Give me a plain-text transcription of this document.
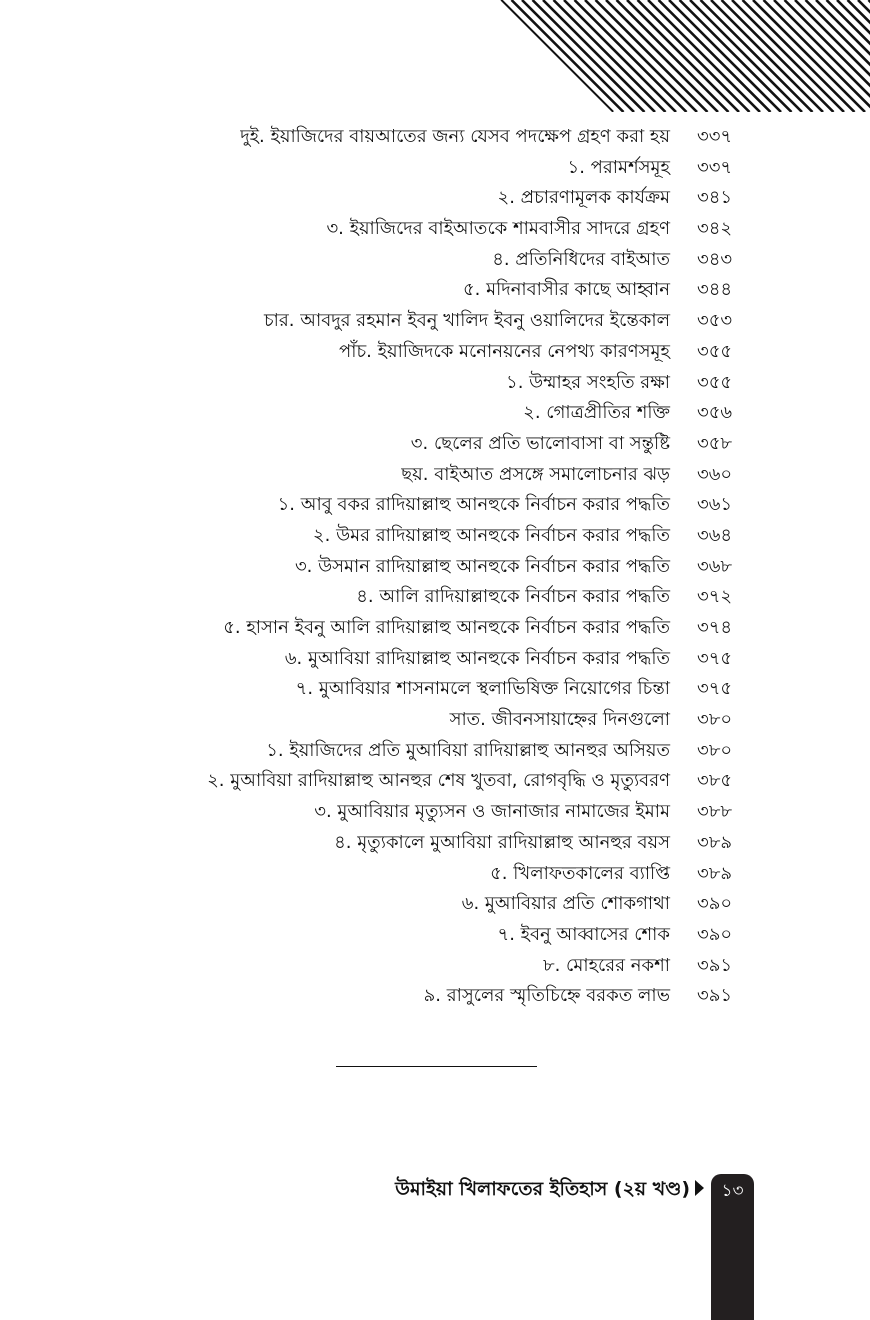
দুই. ইয়াজিদের বায়আতের জন্য যেসব পদক্ষেপ গ্রহণ করা হয় ৩৩৭
১. পরামর্শসমূহ ৩৩৭
২. প্রচারণামূলক কার্যক্রম ৩৪১
৩. ইয়াজিদের বাইআতকে শামবাসীর সাদরে গ্রহণ ৩৪২
৪. প্রতিনিধিদের বাইআত ৩৪৩
৫. মদিনাবাসীর কাছে আহ্বান ৩৪৪
চার. আবদুর রহমান ইবনু খালিদ ইবনু ওয়ালিদের ইন্তেকাল ৩৫৩
পাঁচ. ইয়াজিদকে মনোনয়নের নেপথ্য কারণসমূহ ৩৫৫
১. উম্মাহর সংহতি রক্ষা ৩৫৫
২. গোত্রপ্রীতির শক্তি ৩৫৬
৩. ছেলের প্রতি ভালোবাসা বা সন্তুষ্টি ৩৫৮
ছয়. বাইআত প্রসঙ্গে সমালোচনার ঝড় ৩৬০
১. আবু বকর রাদিয়াল্লাহু আনহুকে নির্বাচন করার পদ্ধতি ৩৬১
২. উমর রাদিয়াল্লাহু আনহুকে নির্বাচন করার পদ্ধতি ৩৬৪
৩. উসমান রাদিয়াল্লাহু আনহুকে নির্বাচন করার পদ্ধতি ৩৬৮
৪. আলি রাদিয়াল্লাহুকে নির্বাচন করার পদ্ধতি ৩৭২
৫. হাসান ইবনু আলি রাদিয়াল্লাহু আনহুকে নির্বাচন করার পদ্ধতি ৩৭৪
৬. মুআবিয়া রাদিয়াল্লাহু আনহুকে নির্বাচন করার পদ্ধতি ৩৭৫
৭. মুআবিয়ার শাসনামলে স্থলাভিষিক্ত নিয়োগের চিন্তা ৩৭৫
সাত. জীবনসায়াহ্নের দিনগুলো ৩৮০
১. ইয়াজিদের প্রতি মুআবিয়া রাদিয়াল্লাহু আনহুর অসিয়ত ৩৮০
২. মুআবিয়া রাদিয়াল্লাহু আনহুর শেষ খুতবা, রোগবৃদ্ধি ও মৃত্যুবরণ ৩৮৫
৩. মুআবিয়ার মৃত্যুসন ও জানাজার নামাজের ইমাম ৩৮৮
৪. মৃত্যুকালে মুআবিয়া রাদিয়াল্লাহু আনহুর বয়স ৩৮৯
৫. খিলাফতকালের ব্যাপ্তি ৩৮৯
৬. মুআবিয়ার প্রতি শোকগাথা ৩৯০
৭. ইবনু আব্বাসের শোক ৩৯০
৮. মোহরের নকশা ৩৯১
৯. রাসুলের স্মৃতিচিহ্নে বরকত লাভ ৩৯১
উমাইয়া খিলাফতের ইতিহাস (২য় খণ্ড)	১৩
